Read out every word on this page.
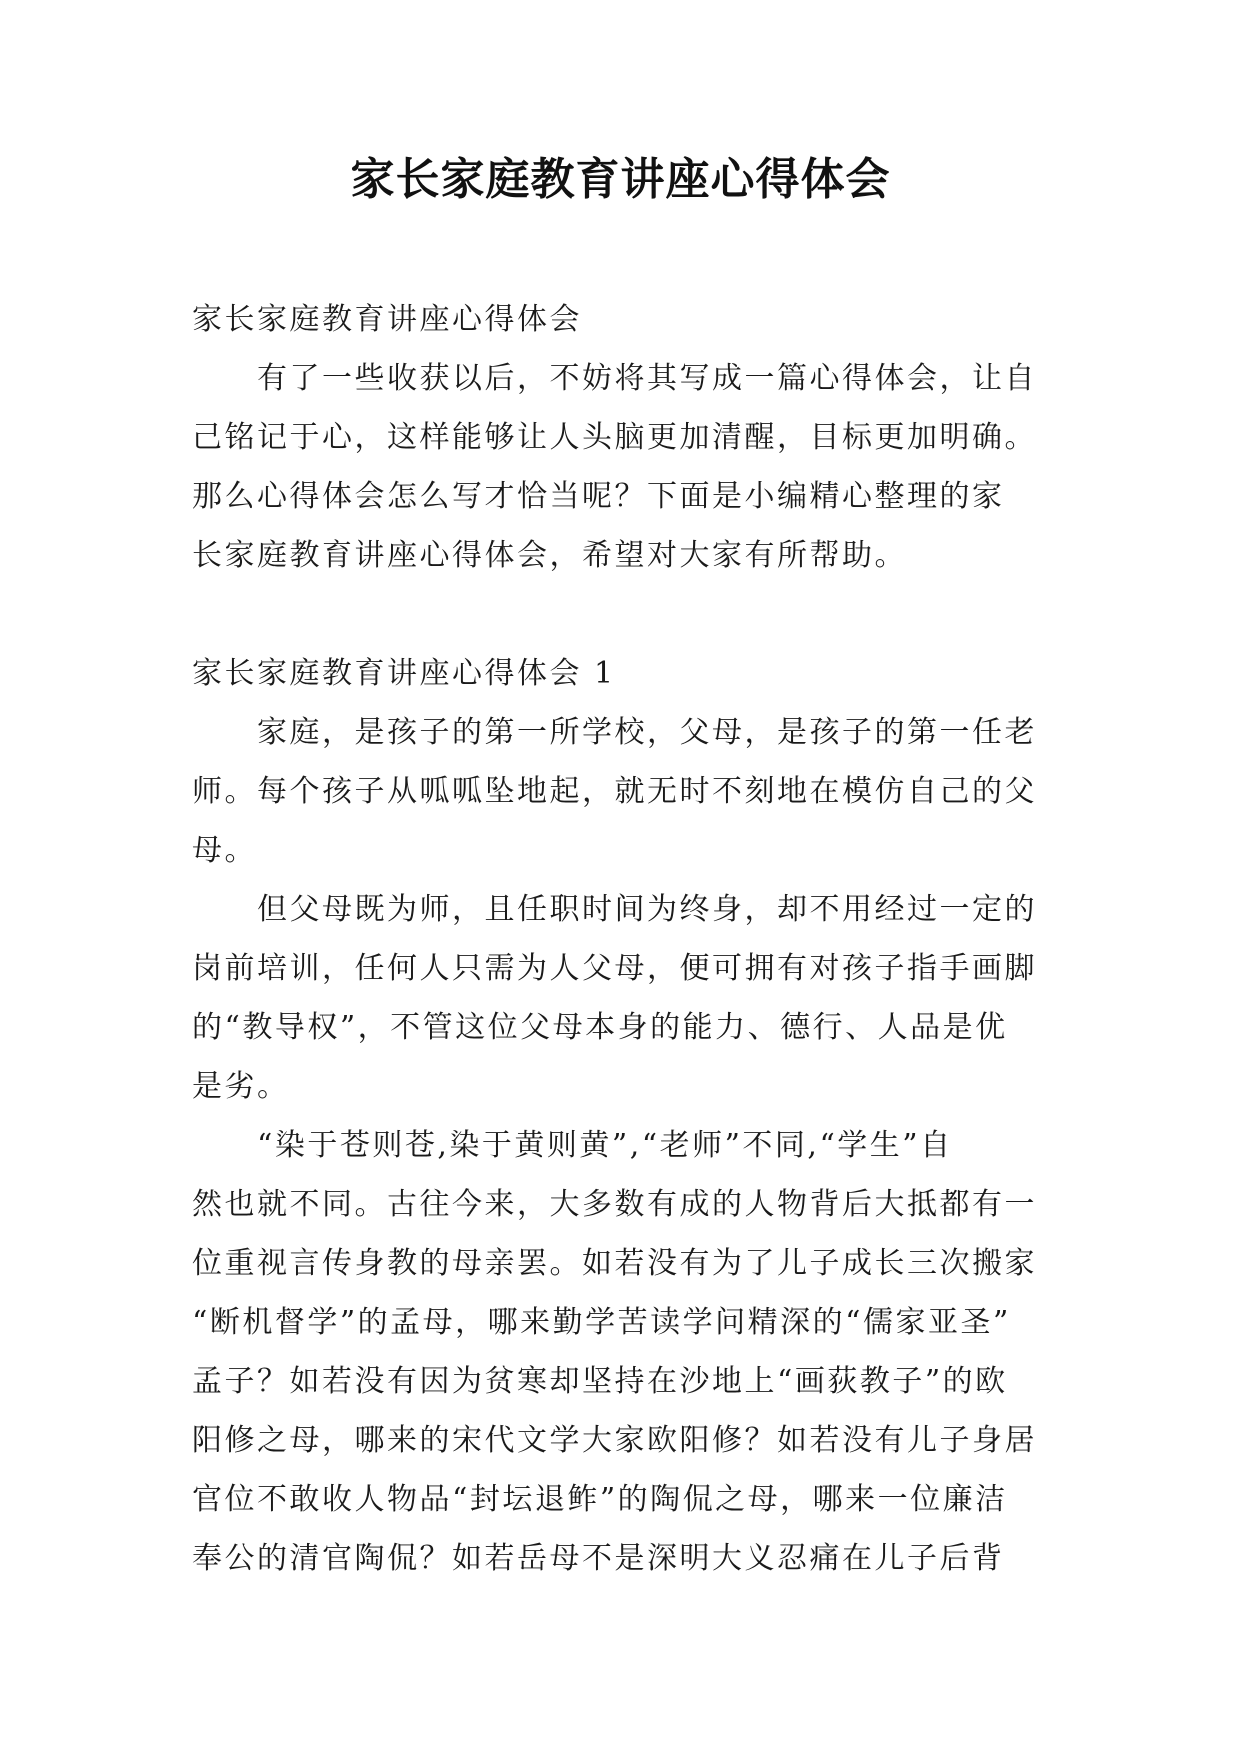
家长家庭教育讲座心得体会
家长家庭教育讲座心得体会
有了一些收获以后，不妨将其写成一篇心得体会，让自
己铭记于心，这样能够让人头脑更加清醒，目标更加明确。
那么心得体会怎么写才恰当呢？下面是小编精心整理的家
长家庭教育讲座心得体会，希望对大家有所帮助。
家长家庭教育讲座心得体会 1
家庭，是孩子的第一所学校，父母，是孩子的第一任老
师。每个孩子从呱呱坠地起，就无时不刻地在模仿自己的父
母。
但父母既为师，且任职时间为终身，却不用经过一定的
岗前培训，任何人只需为人父母，便可拥有对孩子指手画脚
的“教导权”，不管这位父母本身的能力、德行、人品是优
是劣。
“染于苍则苍,染于黄则黄”,“老师”不同,“学生”自
然也就不同。古往今来，大多数有成的人物背后大抵都有一
位重视言传身教的母亲罢。如若没有为了儿子成长三次搬家
“断机督学”的孟母，哪来勤学苦读学问精深的“儒家亚圣”
孟子？如若没有因为贫寒却坚持在沙地上“画荻教子”的欧
阳修之母，哪来的宋代文学大家欧阳修？如若没有儿子身居
官位不敢收人物品“封坛退鲊”的陶侃之母，哪来一位廉洁
奉公的清官陶侃？如若岳母不是深明大义忍痛在儿子后背
